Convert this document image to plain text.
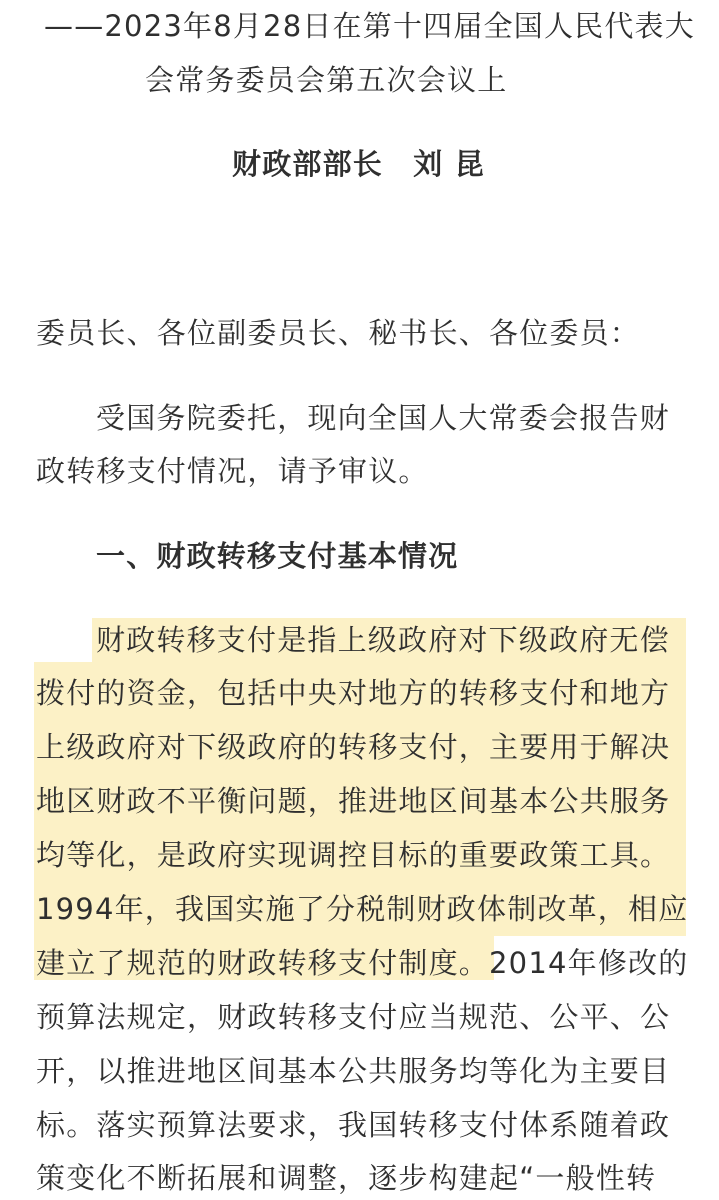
——2023年8月28日在第十四届全国人民代表大
会常务委员会第五次会议上
财政部部长　刘 昆
委员长、各位副委员长、秘书长、各位委员：
受国务院委托，现向全国人大常委会报告财
政转移支付情况，请予审议。
一、财政转移支付基本情况
财政转移支付是指上级政府对下级政府无偿
拨付的资金，包括中央对地方的转移支付和地方
上级政府对下级政府的转移支付，主要用于解决
地区财政不平衡问题，推进地区间基本公共服务
均等化，是政府实现调控目标的重要政策工具。
1994年，我国实施了分税制财政体制改革，相应
建立了规范的财政转移支付制度。2014年修改的
预算法规定，财政转移支付应当规范、公平、公
开，以推进地区间基本公共服务均等化为主要目
标。落实预算法要求，我国转移支付体系随着政
策变化不断拓展和调整，逐步构建起“一般性转
